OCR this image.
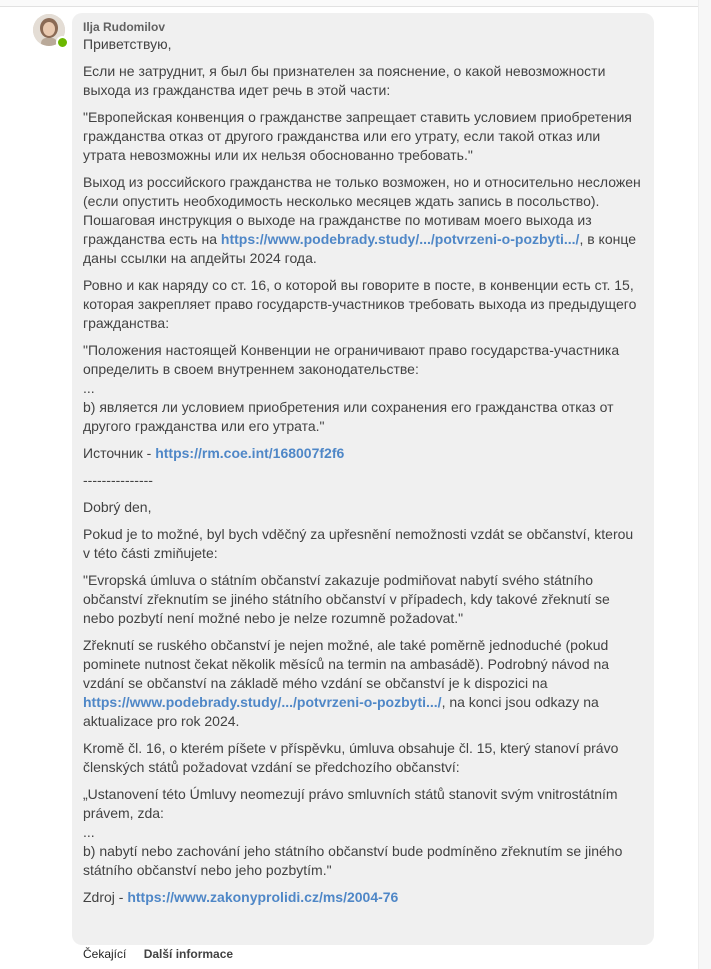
Ilja Rudomilov

Приветствую,

Если не затруднит, я был бы признателен за пояснение, о какой невозможности выхода из гражданства идет речь в этой части:

"Европейская конвенция о гражданстве запрещает ставить условием приобретения гражданства отказ от другого гражданства или его утрату, если такой отказ или утрата невозможны или их нельзя обоснованно требовать."

Выход из российского гражданства не только возможен, но и относительно несложен (если опустить необходимость несколько месяцев ждать запись в посольство). Пошаговая инструкция о выходе на гражданстве по мотивам моего выхода из гражданства есть на https://www.podebrady.study/.../potvrzeni-o-pozbyti.../, в конце даны ссылки на апдейты 2024 года.

Ровно и как наряду со ст. 16, о которой вы говорите в посте, в конвенции есть ст. 15, которая закрепляет право государств-участников требовать выхода из предыдущего гражданства:

"Положения настоящей Конвенции не ограничивают право государства-участника определить в своем внутреннем законодательстве:
...
b) является ли условием приобретения или сохранения его гражданства отказ от другого гражданства или его утрата."

Источник - https://rm.coe.int/168007f2f6

---------------

Dobrý den,

Pokud je to možné, byl bych vděčný za upřesnění nemožnosti vzdát se občanství, kterou v této části zmiňujete:

"Evropská úmluva o státním občanství zakazuje podmiňovat nabytí svého státního občanství zřeknutím se jiného státního občanství v případech, kdy takové zřeknutí se nebo pozbytí není možné nebo je nelze rozumně požadovat."

Zřeknutí se ruského občanství je nejen možné, ale také poměrně jednoduché (pokud pominete nutnost čekat několik měsíců na termin na ambasádě). Podrobný návod na vzdání se občanství na základě mého vzdání se občanství je k dispozici na https://www.podebrady.study/.../potvrzeni-o-pozbyti.../, na konci jsou odkazy na aktualizace pro rok 2024.

Kromě čl. 16, o kterém píšete v příspěvku, úmluva obsahuje čl. 15, který stanoví právo členských států požadovat vzdání se předchozího občanství:

„Ustanovení této Úmluvy neomezují právo smluvních států stanovit svým vnitrostátním právem, zda:
...
b) nabytí nebo zachování jeho státního občanství bude podmíněno zřeknutím se jiného státního občanství nebo jeho pozbytím."

Zdroj - https://www.zakonyprolidi.cz/ms/2004-76

Čekající Další informace
